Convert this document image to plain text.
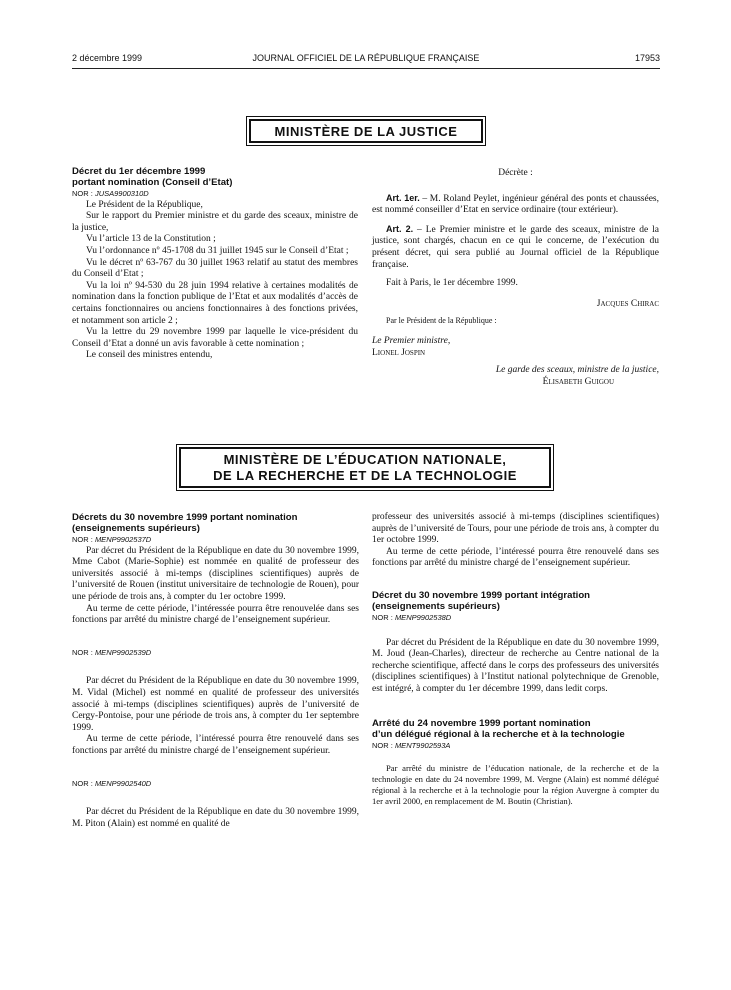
2 décembre 1999	JOURNAL OFFICIEL DE LA RÉPUBLIQUE FRANÇAISE	17953
MINISTÈRE DE LA JUSTICE

Décret du 1er décembre 1999
portant nomination (Conseil d’Etat)

NOR : JUSA9900310D

Le Président de la République,

Sur le rapport du Premier ministre et du garde des sceaux, ministre de la justice,

Vu l’article 13 de la Constitution ;

Vu l’ordonnance nº 45-1708 du 31 juillet 1945 sur le Conseil d’Etat ;

Vu le décret nº 63-767 du 30 juillet 1963 relatif au statut des membres du Conseil d’Etat ;

Vu la loi nº 94-530 du 28 juin 1994 relative à certaines modalités de nomination dans la fonction publique de l’Etat et aux modalités d’accès de certains fonctionnaires ou anciens fonctionnaires à des fonctions privées, et notamment son article 2 ;

Vu la lettre du 29 novembre 1999 par laquelle le vice-président du Conseil d’Etat a donné un avis favorable à cette nomination ;

Le conseil des ministres entendu,

Décrète :

Art. 1er. – M. Roland Peylet, ingénieur général des ponts et chaussées, est nommé conseiller d’Etat en service ordinaire (tour extérieur).

Art. 2. – Le Premier ministre et le garde des sceaux, ministre de la justice, sont chargés, chacun en ce qui le concerne, de l’exécution du présent décret, qui sera publié au Journal officiel de la République française.

Fait à Paris, le 1er décembre 1999.

Jacques Chirac

Par le Président de la République :

Le Premier ministre,
Lionel Jospin

Le garde des sceaux, ministre de la justice,
Élisabeth Guigou

MINISTÈRE DE L’ÉDUCATION NATIONALE,
DE LA RECHERCHE ET DE LA TECHNOLOGIE

Décrets du 30 novembre 1999 portant nomination
(enseignements supérieurs)

NOR : MENP9902537D

Par décret du Président de la République en date du 30 novembre 1999, Mme Cabot (Marie-Sophie) est nommée en qualité de professeur des universités associé à mi-temps (disciplines scientifiques) auprès de l’université de Rouen (institut universitaire de technologie de Rouen), pour une période de trois ans, à compter du 1er octobre 1999.

Au terme de cette période, l’intéressée pourra être renouvelée dans ses fonctions par arrêté du ministre chargé de l’enseignement supérieur.

NOR : MENP9902539D

Par décret du Président de la République en date du 30 novembre 1999, M. Vidal (Michel) est nommé en qualité de professeur des universités associé à mi-temps (disciplines scientifiques) auprès de l’université de Cergy-Pontoise, pour une période de trois ans, à compter du 1er septembre 1999.

Au terme de cette période, l’intéressé pourra être renouvelé dans ses fonctions par arrêté du ministre chargé de l’enseignement supérieur.

NOR : MENP9902540D

Par décret du Président de la République en date du 30 novembre 1999, M. Piton (Alain) est nommé en qualité de

professeur des universités associé à mi-temps (disciplines scientifiques) auprès de l’université de Tours, pour une période de trois ans, à compter du 1er octobre 1999.

Au terme de cette période, l’intéressé pourra être renouvelé dans ses fonctions par arrêté du ministre chargé de l’enseignement supérieur.

Décret du 30 novembre 1999 portant intégration
(enseignements supérieurs)

NOR : MENP9902538D

Par décret du Président de la République en date du 30 novembre 1999, M. Joud (Jean-Charles), directeur de recherche au Centre national de la recherche scientifique, affecté dans le corps des professeurs des universités (disciplines scientifiques) à l’Institut national polytechnique de Grenoble, est intégré, à compter du 1er décembre 1999, dans ledit corps.

Arrêté du 24 novembre 1999 portant nomination
d’un délégué régional à la recherche et à la technologie

NOR : MENT9902593A

Par arrêté du ministre de l’éducation nationale, de la recherche et de la technologie en date du 24 novembre 1999, M. Vergne (Alain) est nommé délégué régional à la recherche et à la technologie pour la région Auvergne à compter du 1er avril 2000, en remplacement de M. Boutin (Christian).
